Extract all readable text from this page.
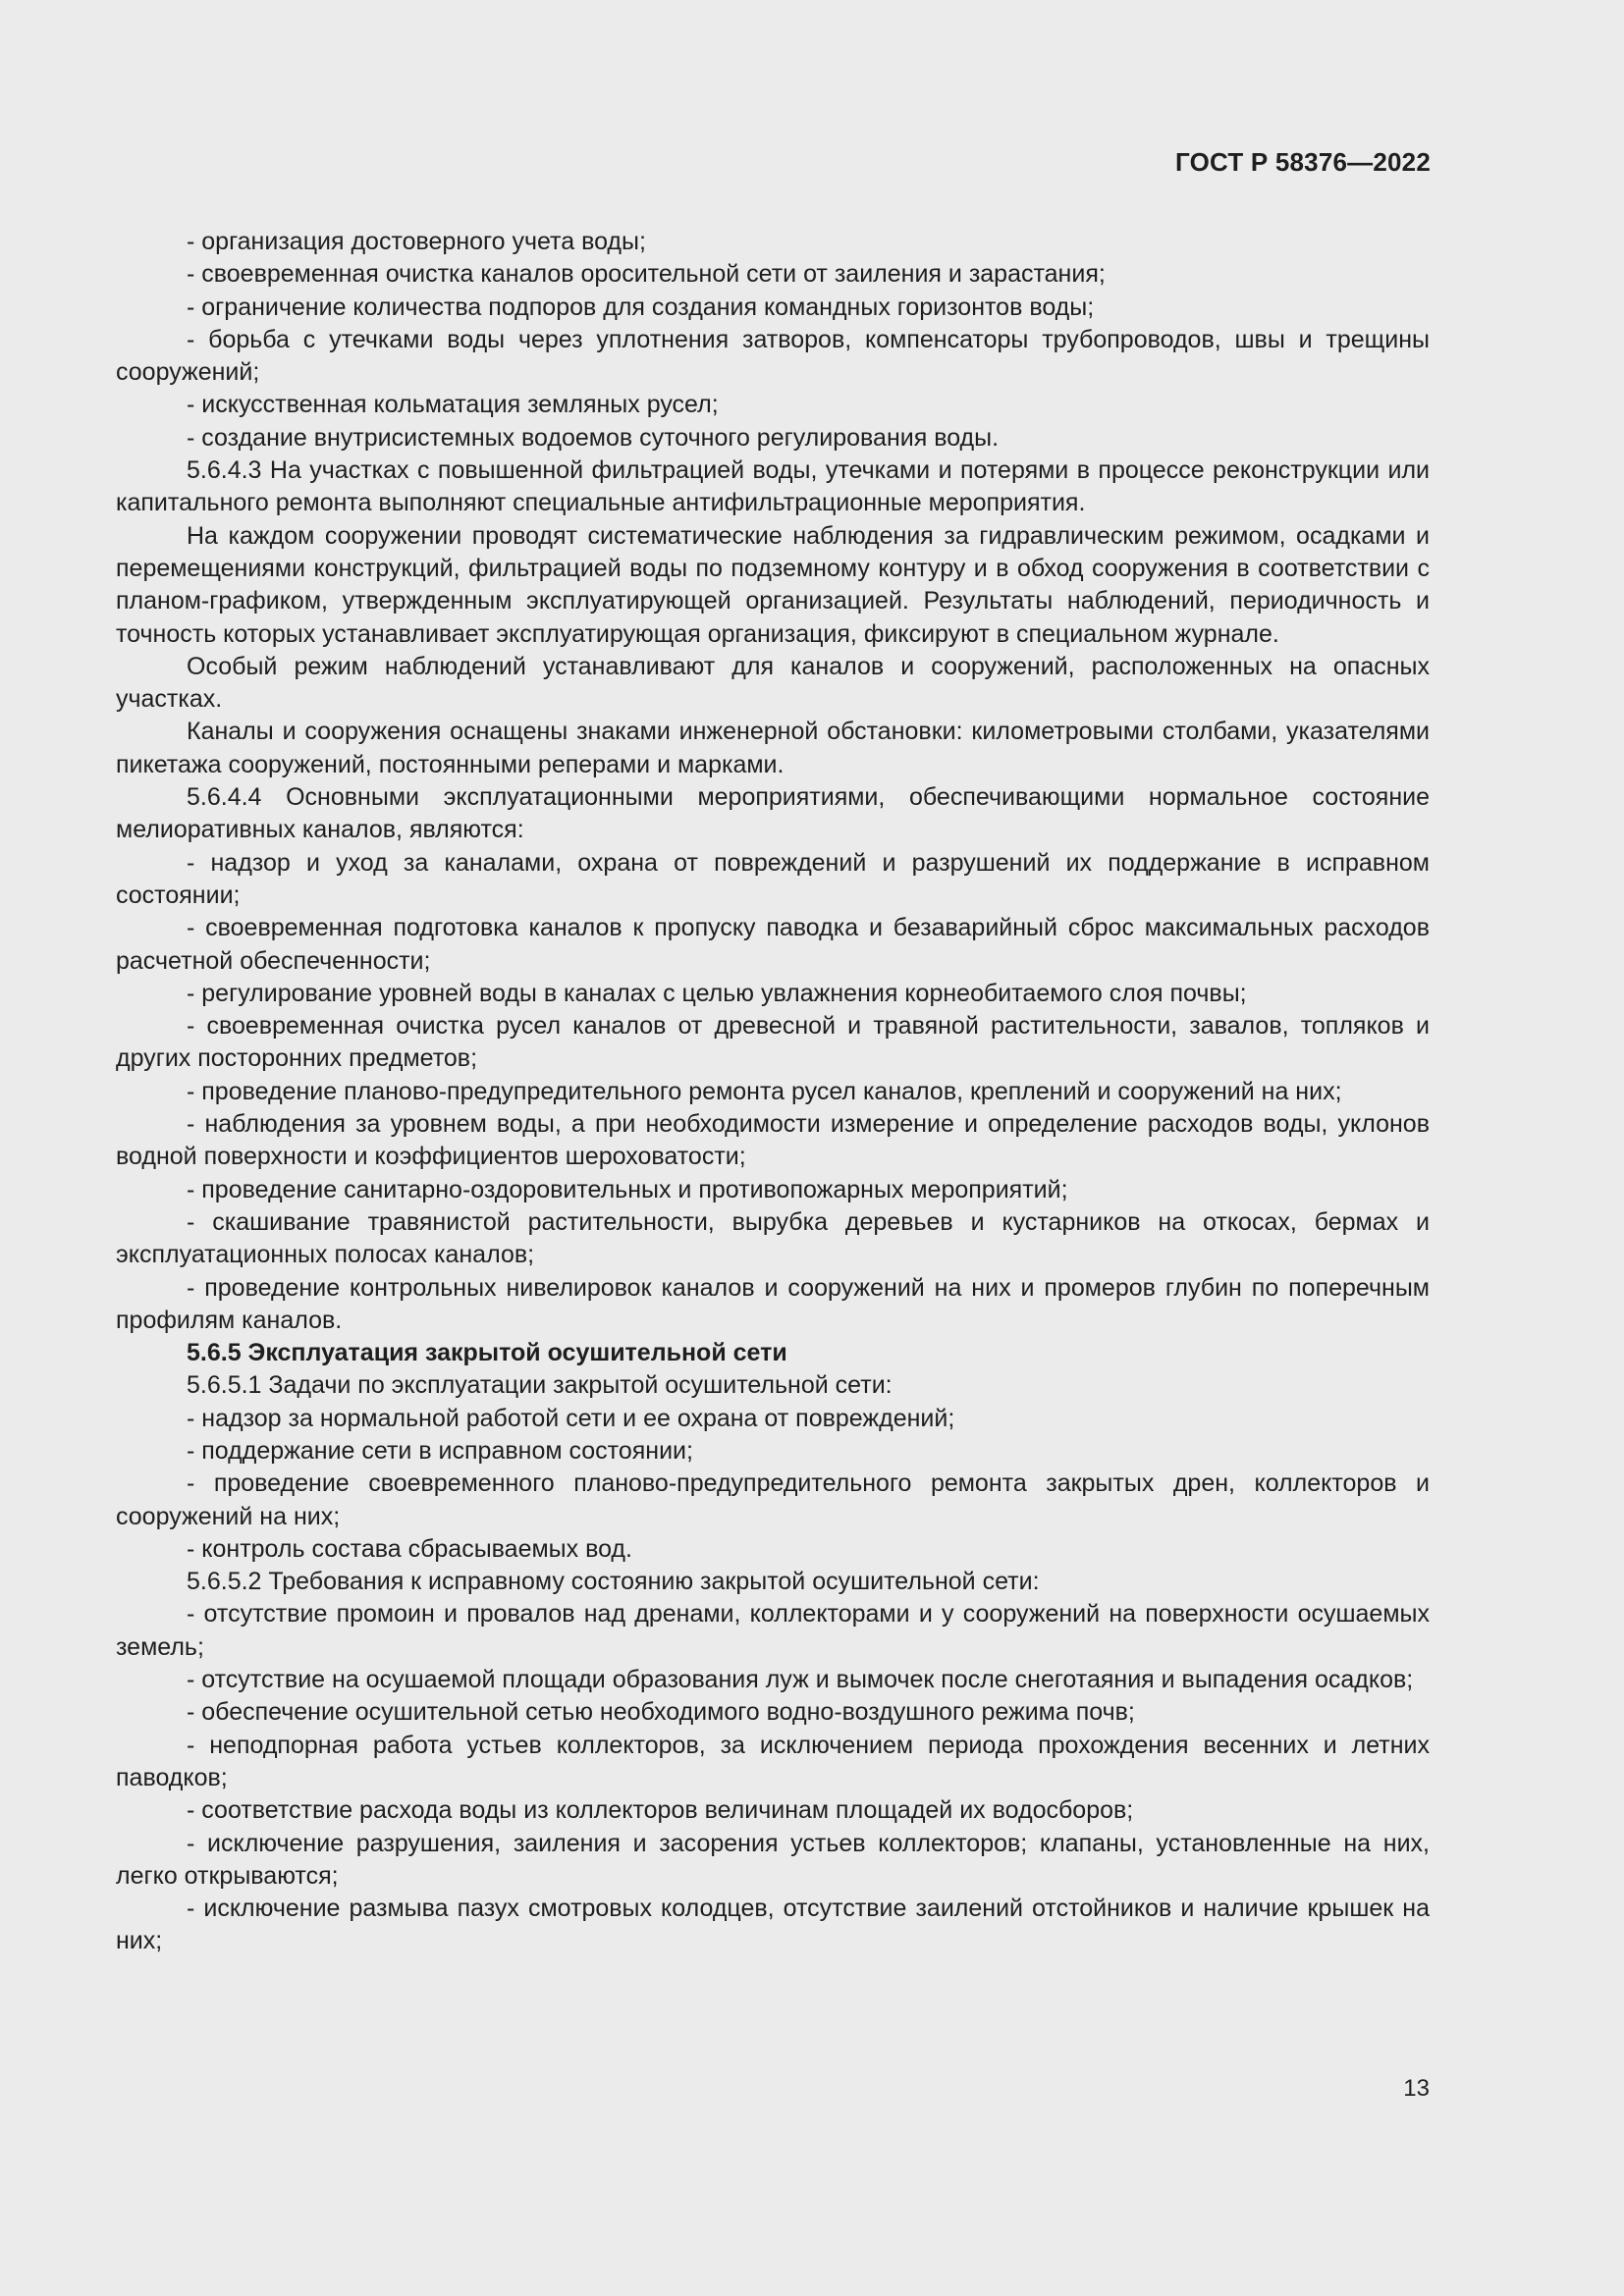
ГОСТ Р 58376—2022

- организация достоверного учета воды;

- своевременная очистка каналов оросительной сети от заиления и зарастания;

- ограничение количества подпоров для создания командных горизонтов воды;

- борьба с утечками воды через уплотнения затворов, компенсаторы трубопроводов, швы и трещины сооружений;

- искусственная кольматация земляных русел;

- создание внутрисистемных водоемов суточного регулирования воды.

5.6.4.3 На участках с повышенной фильтрацией воды, утечками и потерями в процессе реконструкции или капитального ремонта выполняют специальные антифильтрационные мероприятия.

На каждом сооружении проводят систематические наблюдения за гидравлическим режимом, осадками и перемещениями конструкций, фильтрацией воды по подземному контуру и в обход сооружения в соответствии с планом-графиком, утвержденным эксплуатирующей организацией. Результаты наблюдений, периодичность и точность которых устанавливает эксплуатирующая организация, фиксируют в специальном журнале.

Особый режим наблюдений устанавливают для каналов и сооружений, расположенных на опасных участках.

Каналы и сооружения оснащены знаками инженерной обстановки: километровыми столбами, указателями пикетажа сооружений, постоянными реперами и марками.

5.6.4.4 Основными эксплуатационными мероприятиями, обеспечивающими нормальное состояние мелиоративных каналов, являются:

- надзор и уход за каналами, охрана от повреждений и разрушений их поддержание в исправном состоянии;

- своевременная подготовка каналов к пропуску паводка и безаварийный сброс максимальных расходов расчетной обеспеченности;

- регулирование уровней воды в каналах с целью увлажнения корнеобитаемого слоя почвы;

- своевременная очистка русел каналов от древесной и травяной растительности, завалов, топляков и других посторонних предметов;

- проведение планово-предупредительного ремонта русел каналов, креплений и сооружений на них;

- наблюдения за уровнем воды, а при необходимости измерение и определение расходов воды, уклонов водной поверхности и коэффициентов шероховатости;

- проведение санитарно-оздоровительных и противопожарных мероприятий;

- скашивание травянистой растительности, вырубка деревьев и кустарников на откосах, бермах и эксплуатационных полосах каналов;

- проведение контрольных нивелировок каналов и сооружений на них и промеров глубин по поперечным профилям каналов.

5.6.5 Эксплуатация закрытой осушительной сети

5.6.5.1 Задачи по эксплуатации закрытой осушительной сети:

- надзор за нормальной работой сети и ее охрана от повреждений;

- поддержание сети в исправном состоянии;

- проведение своевременного планово-предупредительного ремонта закрытых дрен, коллекторов и сооружений на них;

- контроль состава сбрасываемых вод.

5.6.5.2 Требования к исправному состоянию закрытой осушительной сети:

- отсутствие промоин и провалов над дренами, коллекторами и у сооружений на поверхности осушаемых земель;

- отсутствие на осушаемой площади образования луж и вымочек после снеготаяния и выпадения осадков;

- обеспечение осушительной сетью необходимого водно-воздушного режима почв;

- неподпорная работа устьев коллекторов, за исключением периода прохождения весенних и летних паводков;

- соответствие расхода воды из коллекторов величинам площадей их водосборов;

- исключение разрушения, заиления и засорения устьев коллекторов; клапаны, установленные на них, легко открываются;

- исключение размыва пазух смотровых колодцев, отсутствие заилений отстойников и наличие крышек на них;

13
